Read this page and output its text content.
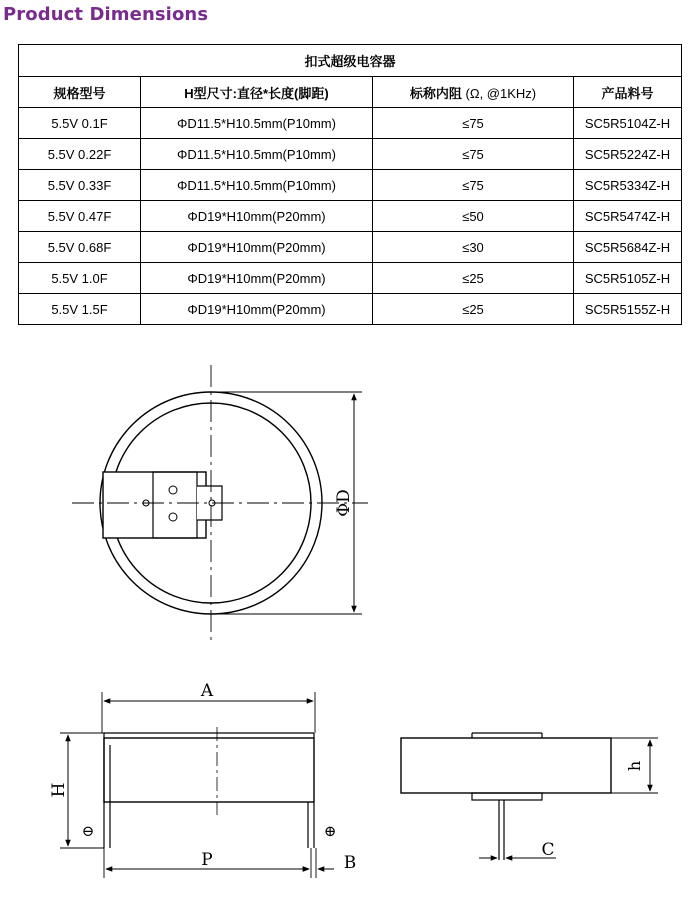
Product Dimensions
扣式超级电容器			
规格型号	H型尺寸:直径*长度(脚距)	标称内阻 (Ω, @1KHz)	产品料号
5.5V 0.1F	ΦD11.5*H10.5mm(P10mm)	≤75	SC5R5104Z-H
5.5V 0.22F	ΦD11.5*H10.5mm(P10mm)	≤75	SC5R5224Z-H
5.5V 0.33F	ΦD11.5*H10.5mm(P10mm)	≤75	SC5R5334Z-H
5.5V 0.47F	ΦD19*H10mm(P20mm)	≤50	SC5R5474Z-H
5.5V 0.68F	ΦD19*H10mm(P20mm)	≤30	SC5R5684Z-H
5.5V 1.0F	ΦD19*H10mm(P20mm)	≤25	SC5R5105Z-H
5.5V 1.5F	ΦD19*H10mm(P20mm)	≤25	SC5R5155Z-H
ΦD
A
H
P	B
⊖	⊕
h
C
